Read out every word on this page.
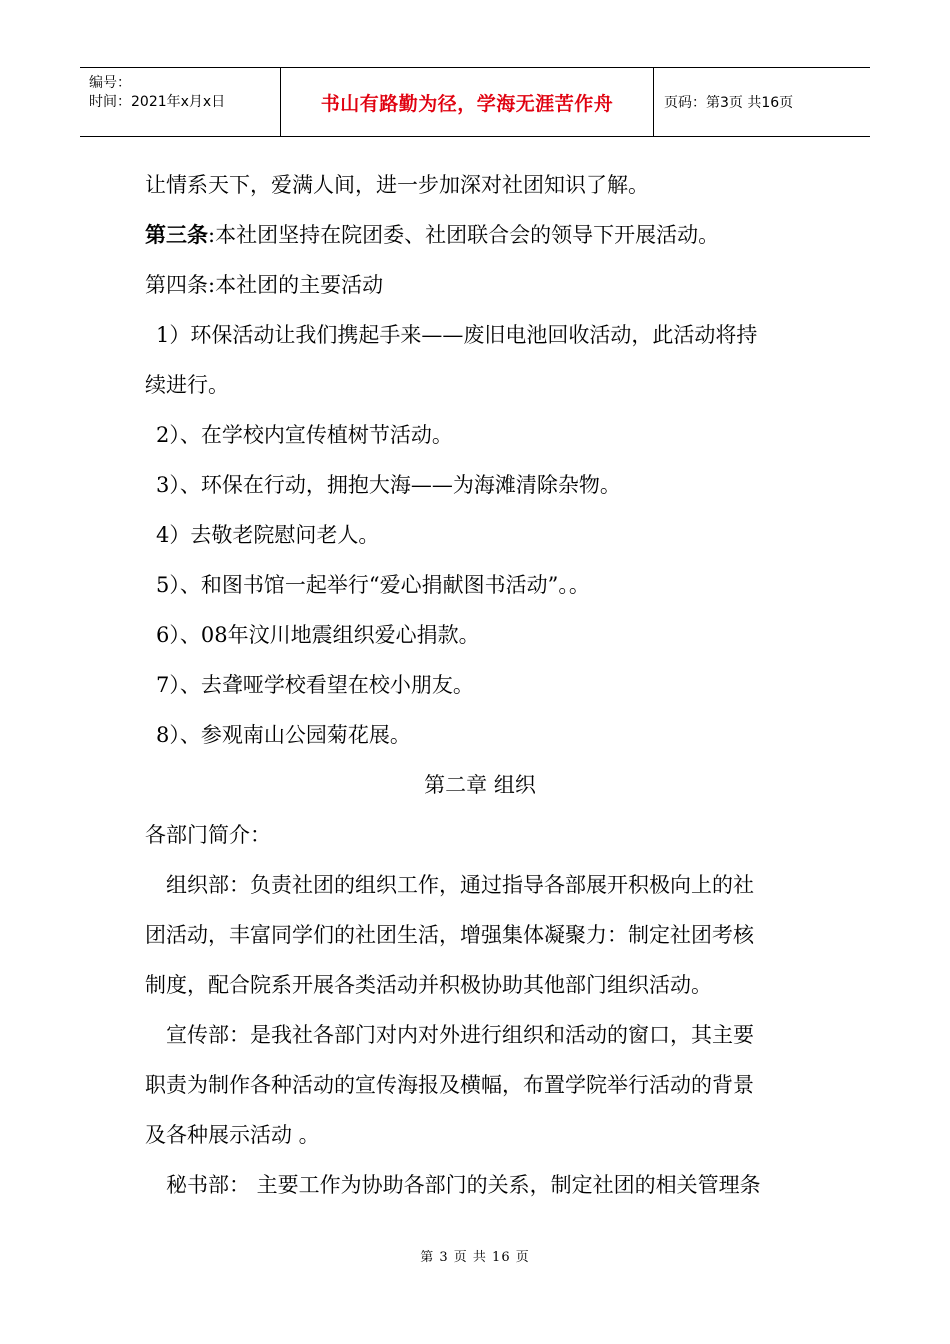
编号：
时间：2021年x月x日	书山有路勤为径，学海无涯苦作舟	页码：第3页 共16页

让情系天下，爱满人间，进一步加深对社团知识了解。

第三条:本社团坚持在院团委、社团联合会的领导下开展活动。

第四条:本社团的主要活动

1）环保活动让我们携起手来——废旧电池回收活动，此活动将持

续进行。

2）、在学校内宣传植树节活动。

3）、环保在行动，拥抱大海——为海滩清除杂物。

4）去敬老院慰问老人。

5）、和图书馆一起举行“爱心捐献图书活动”。。

6）、08年汶川地震组织爱心捐款。

7）、去聋哑学校看望在校小朋友。

8）、参观南山公园菊花展。

第二章 组织

各部门简介：

组织部：负责社团的组织工作，通过指导各部展开积极向上的社

团活动，丰富同学们的社团生活，增强集体凝聚力：制定社团考核

制度，配合院系开展各类活动并积极协助其他部门组织活动。

宣传部：是我社各部门对内对外进行组织和活动的窗口，其主要

职责为制作各种活动的宣传海报及横幅，布置学院举行活动的背景

及各种展示活动 。

秘书部： 主要工作为协助各部门的关系，制定社团的相关管理条

第 3 页 共 16 页
